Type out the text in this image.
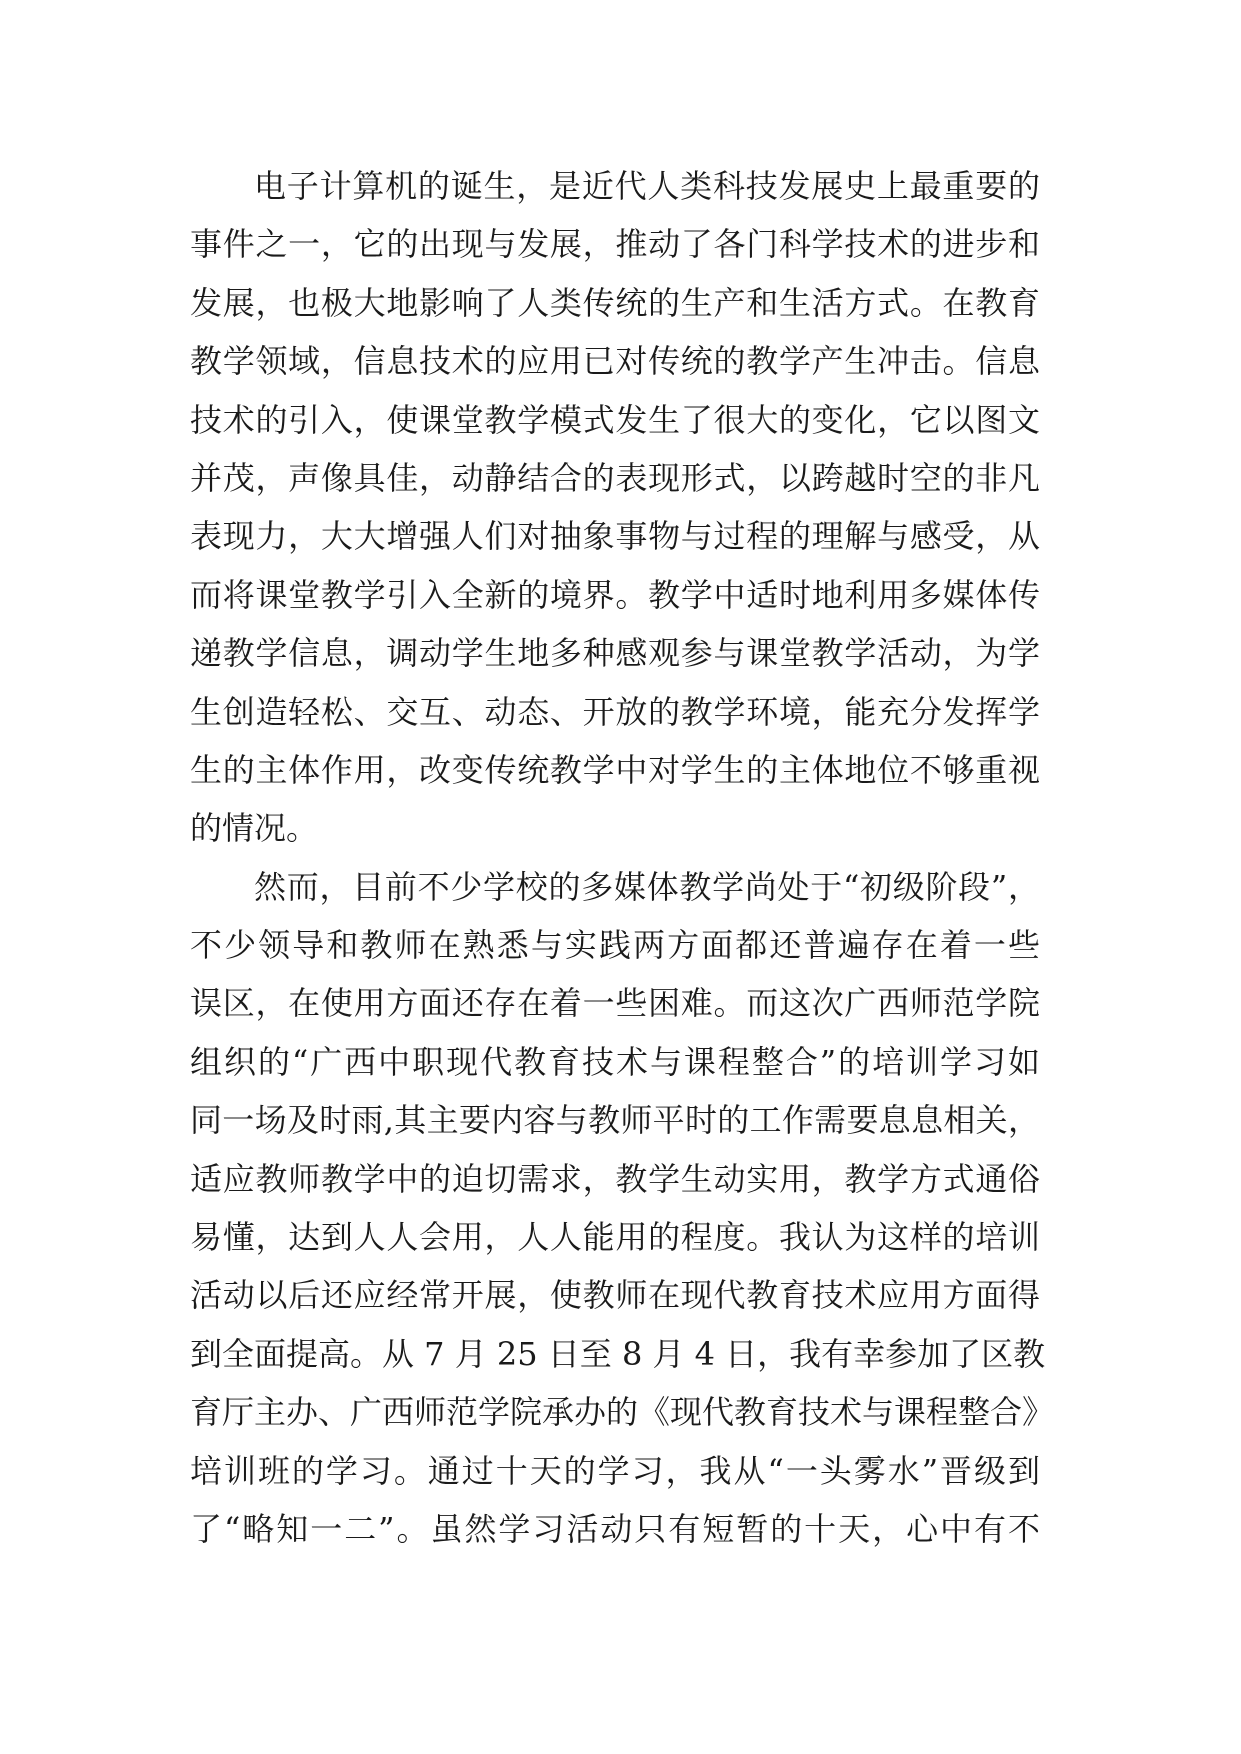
电子计算机的诞生，是近代人类科技发展史上最重要的
事件之一，它的出现与发展，推动了各门科学技术的进步和
发展，也极大地影响了人类传统的生产和生活方式。在教育
教学领域，信息技术的应用已对传统的教学产生冲击。信息
技术的引入，使课堂教学模式发生了很大的变化，它以图文
并茂，声像具佳，动静结合的表现形式，以跨越时空的非凡
表现力，大大增强人们对抽象事物与过程的理解与感受，从
而将课堂教学引入全新的境界。教学中适时地利用多媒体传
递教学信息，调动学生地多种感观参与课堂教学活动，为学
生创造轻松、交互、动态、开放的教学环境，能充分发挥学
生的主体作用，改变传统教学中对学生的主体地位不够重视
的情况。
然而，目前不少学校的多媒体教学尚处于“初级阶段”，
不少领导和教师在熟悉与实践两方面都还普遍存在着一些
误区，在使用方面还存在着一些困难。而这次广西师范学院
组织的“广西中职现代教育技术与课程整合”的培训学习如
同一场及时雨,其主要内容与教师平时的工作需要息息相关，
适应教师教学中的迫切需求，教学生动实用，教学方式通俗
易懂，达到人人会用，人人能用的程度。我认为这样的培训
活动以后还应经常开展，使教师在现代教育技术应用方面得
到全面提高。从 7 月 25 日至 8 月 4 日，我有幸参加了区教
育厅主办、广西师范学院承办的《现代教育技术与课程整合》
培训班的学习。通过十天的学习，我从“一头雾水”晋级到
了“略知一二”。虽然学习活动只有短暂的十天，心中有不
